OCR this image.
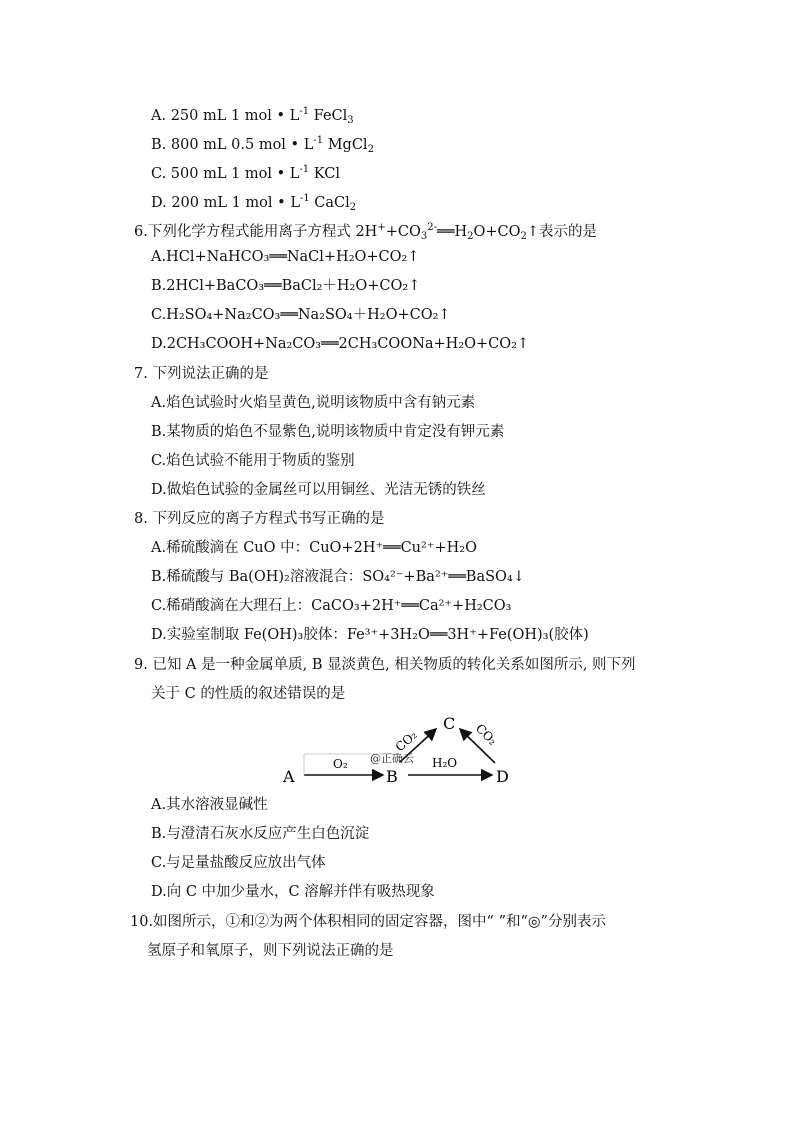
A. 250 mL 1 mol • $L^{-1}$ FeCl$_3$
B. 800 mL 0.5 mol • $L^{-1}$ MgCl$_2$
C. 500 mL 1 mol • $L^{-1}$ KCl
D. 200 mL 1 mol • $L^{-1}$ CaCl$_2$
6.下列化学方程式能用离子方程式 $2H^++CO_3^{2-}══H_2O+CO_2↑$表示的是
A.HCl+NaHCO₃══NaCl+H₂O+CO₂↑
B.2HCl+BaCO₃══BaCl₂＋H₂O+CO₂↑
C.H₂SO₄+Na₂CO₃══Na₂SO₄＋H₂O+CO₂↑
D.2CH₃COOH+Na₂CO₃══2CH₃COONa+H₂O+CO₂↑
7. 下列说法正确的是
A.焰色试验时火焰呈黄色,说明该物质中含有钠元素
B.某物质的焰色不显紫色,说明该物质中肯定没有钾元素
C.焰色试验不能用于物质的鉴别
D.做焰色试验的金属丝可以用铜丝、光洁无锈的铁丝
8. 下列反应的离子方程式书写正确的是
A.稀硫酸滴在 CuO 中：CuO+2H⁺══Cu²⁺+H₂O
B.稀硫酸与 Ba(OH)₂溶液混合：SO₄²⁻+Ba²⁺══BaSO₄↓
C.稀硝酸滴在大理石上：CaCO₃+2H⁺══Ca²⁺+H₂CO₃
D.实验室制取 Fe(OH)₃胶体：Fe³⁺+3H₂O══3H⁺+Fe(OH)₃(胶体)
9. 已知 A 是一种金属单质, B 显淡黄色, 相关物质的转化关系如图所示, 则下列
关于 C 的性质的叙述错误的是
A	B
C
D
O₂	H₂O
CO₂	CO₂
@正确云
A.其水溶液显碱性
B.与澄清石灰水反应产生白色沉淀
C.与足量盐酸反应放出气体
D.向 C 中加少量水，C 溶解并伴有吸热现象
10.如图所示，①和②为两个体积相同的固定容器，图中“ ”和“◎”分别表示
氢原子和氧原子，则下列说法正确的是
